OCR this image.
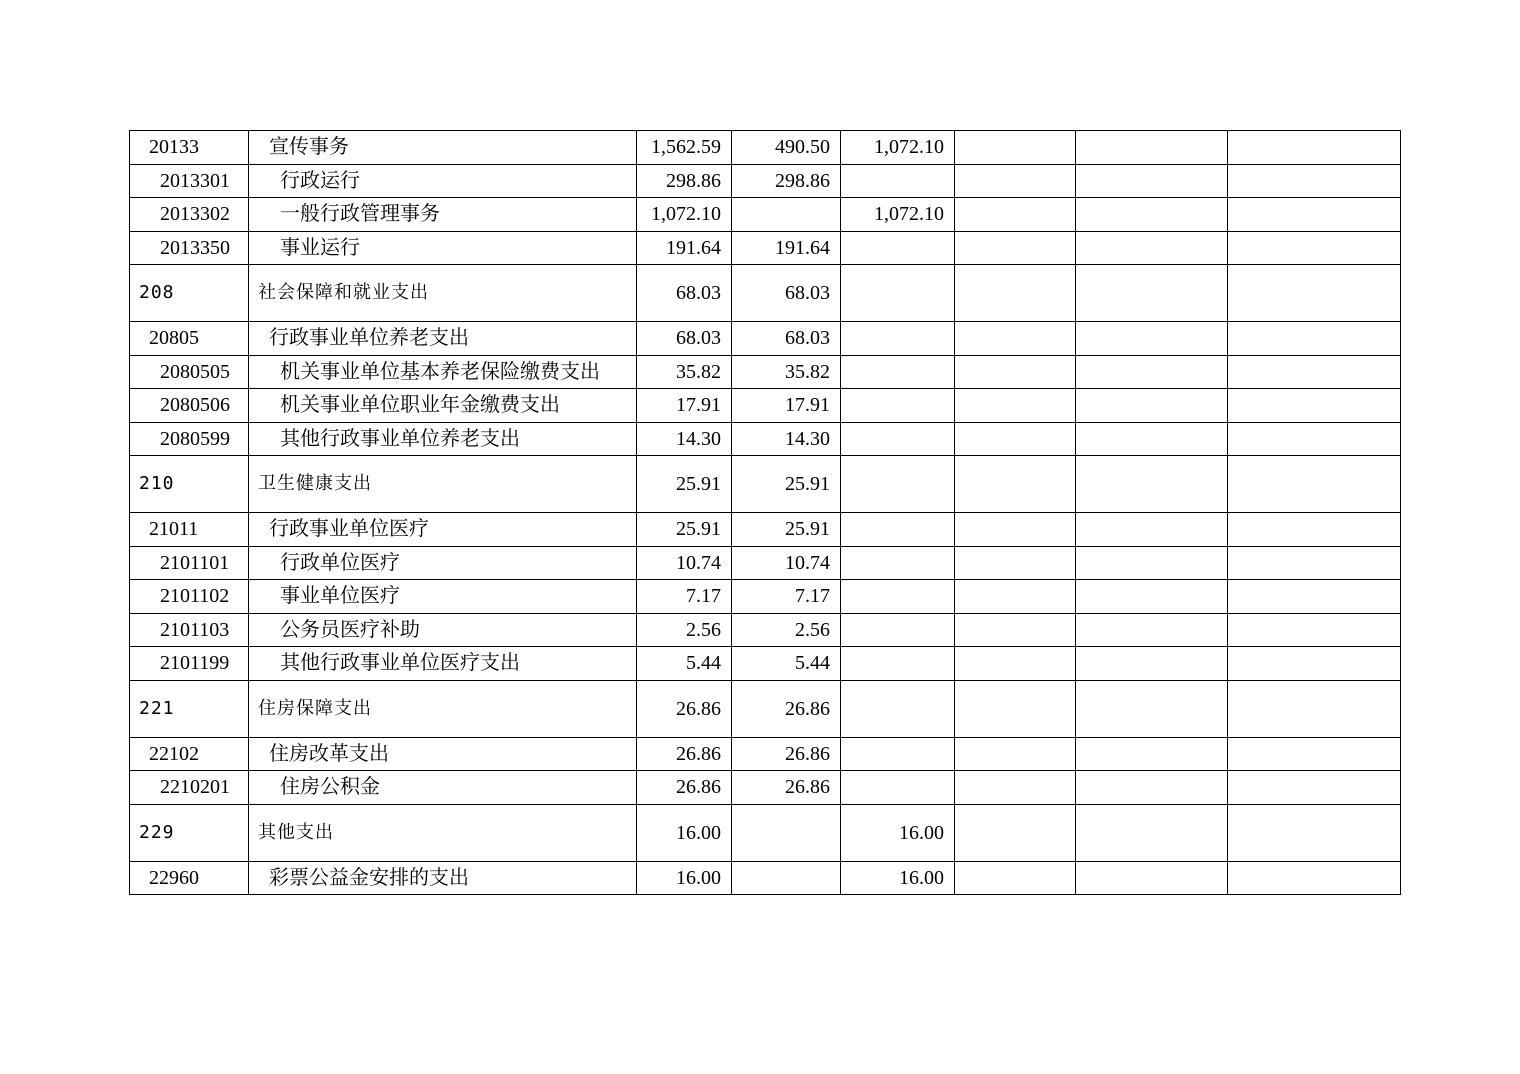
20133	宣传事务	1,562.59	490.50	1,072.10			
2013301	行政运行	298.86	298.86				
2013302	一般行政管理事务	1,072.10		1,072.10			
2013350	事业运行	191.64	191.64				
208	社会保障和就业支出	68.03	68.03				
20805	行政事业单位养老支出	68.03	68.03				
2080505	机关事业单位基本养老保险缴费支出	35.82	35.82				
2080506	机关事业单位职业年金缴费支出	17.91	17.91				
2080599	其他行政事业单位养老支出	14.30	14.30				
210	卫生健康支出	25.91	25.91				
21011	行政事业单位医疗	25.91	25.91				
2101101	行政单位医疗	10.74	10.74				
2101102	事业单位医疗	7.17	7.17				
2101103	公务员医疗补助	2.56	2.56				
2101199	其他行政事业单位医疗支出	5.44	5.44				
221	住房保障支出	26.86	26.86				
22102	住房改革支出	26.86	26.86				
2210201	住房公积金	26.86	26.86				
229	其他支出	16.00		16.00			
22960	彩票公益金安排的支出	16.00		16.00			
